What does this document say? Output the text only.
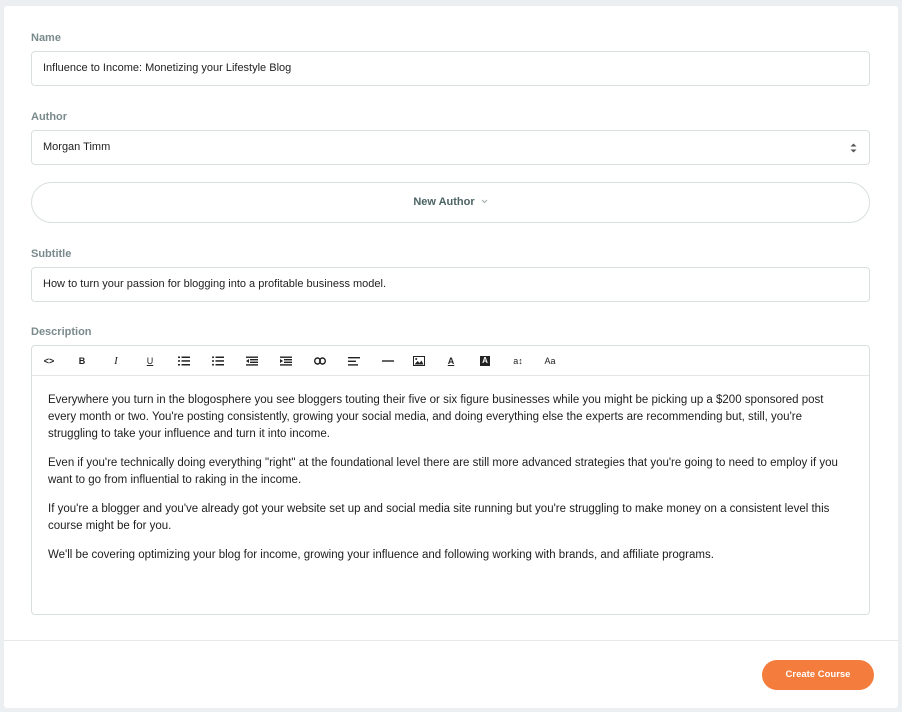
Name
Influence to Income: Monetizing your Lifestyle Blog
Author
Morgan Timm
New Author
Subtitle
How to turn your passion for blogging into a profitable business model.
Description
<>	B	I	U	A	A	a↕	Aa

Everywhere you turn in the blogosphere you see bloggers touting their five or six figure businesses while you might be picking up a $200 sponsored post every month or two. You're posting consistently, growing your social media, and doing everything else the experts are recommending but, still, you're struggling to take your influence and turn it into income.

Even if you're technically doing everything "right" at the foundational level there are still more advanced strategies that you're going to need to employ if you want to go from influential to raking in the income.

If you're a blogger and you've already got your website set up and social media site running but you're struggling to make money on a consistent level this course might be for you.

We'll be covering optimizing your blog for income, growing your influence and following working with brands, and affiliate programs.

Create Course
